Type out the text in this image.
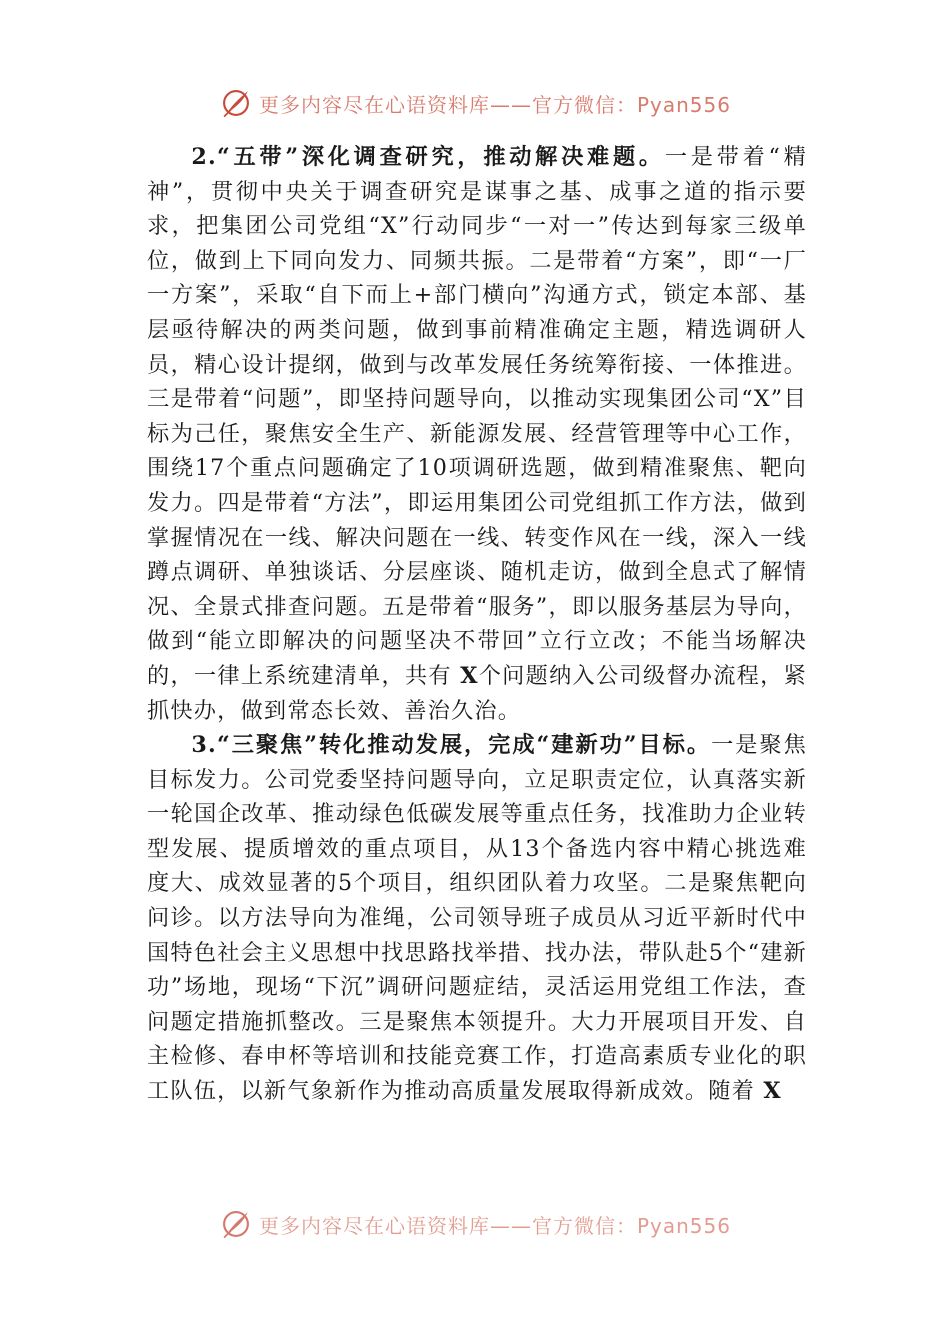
更多内容尽在心语资料库——官方微信：Pyan556

2.“五带”深化调查研究，推动解决难题。一是带着“精神”，贯彻中央关于调查研究是谋事之基、成事之道的指示要求，把集团公司党组“X”行动同步“一对一”传达到每家三级单位，做到上下同向发力、同频共振。二是带着“方案”，即“一厂一方案”，采取“自下而上+部门横向”沟通方式，锁定本部、基层亟待解决的两类问题，做到事前精准确定主题，精选调研人员，精心设计提纲，做到与改革发展任务统筹衔接、一体推进。三是带着“问题”，即坚持问题导向，以推动实现集团公司“X”目标为己任，聚焦安全生产、新能源发展、经营管理等中心工作，围绕17个重点问题确定了10项调研选题，做到精准聚焦、靶向发力。四是带着“方法”，即运用集团公司党组抓工作方法，做到掌握情况在一线、解决问题在一线、转变作风在一线，深入一线蹲点调研、单独谈话、分层座谈、随机走访，做到全息式了解情况、全景式排查问题。五是带着“服务”，即以服务基层为导向，做到“能立即解决的问题坚决不带回”立行立改；不能当场解决的，一律上系统建清单，共有 X个问题纳入公司级督办流程，紧抓快办，做到常态长效、善治久治。

3.“三聚焦”转化推动发展，完成“建新功”目标。一是聚焦目标发力。公司党委坚持问题导向，立足职责定位，认真落实新一轮国企改革、推动绿色低碳发展等重点任务，找准助力企业转型发展、提质增效的重点项目，从13个备选内容中精心挑选难度大、成效显著的5个项目，组织团队着力攻坚。二是聚焦靶向问诊。以方法导向为准绳，公司领导班子成员从习近平新时代中国特色社会主义思想中找思路找举措、找办法，带队赴5个“建新功”场地，现场“下沉”调研问题症结，灵活运用党组工作法，查问题定措施抓整改。三是聚焦本领提升。大力开展项目开发、自主检修、春申杯等培训和技能竞赛工作，打造高素质专业化的职工队伍，以新气象新作为推动高质量发展取得新成效。随着 X

更多内容尽在心语资料库——官方微信：Pyan556
